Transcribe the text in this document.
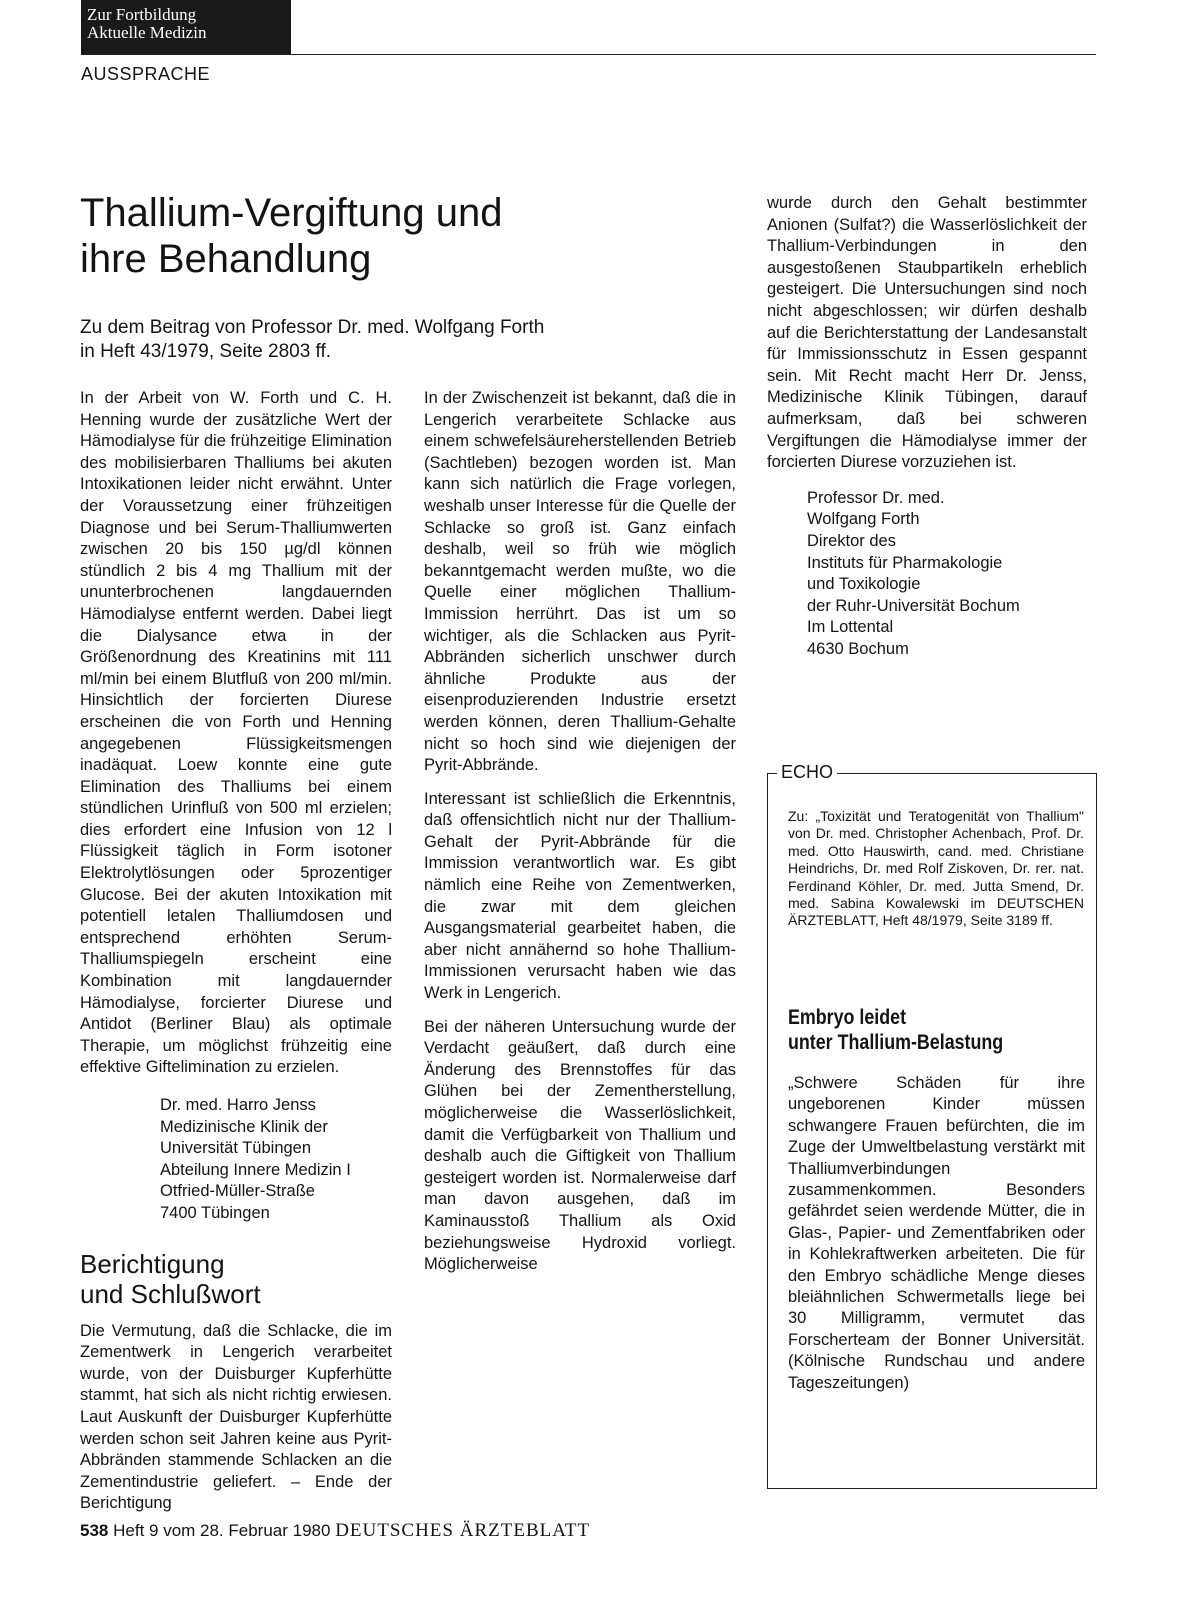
Zur Fortbildung
Aktuelle Medizin
AUSSPRACHE
Thallium-Vergiftung und
ihre Behandlung
Zu dem Beitrag von Professor Dr. med. Wolfgang Forth
in Heft 43/1979, Seite 2803 ff.

In der Arbeit von W. Forth und C. H. Henning wurde der zusätzliche Wert der Hämodialyse für die frühzeitige Elimination des mobilisierbaren Thalliums bei akuten Intoxikationen leider nicht erwähnt. Unter der Voraussetzung einer frühzeitigen Diagnose und bei Serum-Thalliumwerten zwischen 20 bis 150 µg/dl können stündlich 2 bis 4 mg Thallium mit der ununterbrochenen langdauernden Hämodialyse entfernt werden. Dabei liegt die Dialysance etwa in der Größenordnung des Kreatinins mit 111 ml/min bei einem Blutfluß von 200 ml/min. Hinsichtlich der forcierten Diurese erscheinen die von Forth und Henning angegebenen Flüssigkeitsmengen inadäquat. Loew konnte eine gute Elimination des Thalliums bei einem stündlichen Urinfluß von 500 ml erzielen; dies erfordert eine Infusion von 12 l Flüssigkeit täglich in Form isotoner Elektrolytlösungen oder 5prozentiger Glucose. Bei der akuten Intoxikation mit potentiell letalen Thalliumdosen und entsprechend erhöhten Serum-Thalliumspiegeln erscheint eine Kombination mit langdauernder Hämodialyse, forcierter Diurese und Antidot (Berliner Blau) als optimale Therapie, um möglichst frühzeitig eine effektive Giftelimination zu erzielen.

Dr. med. Harro Jenss
Medizinische Klinik der
Universität Tübingen
Abteilung Innere Medizin I
Otfried-Müller-Straße
7400 Tübingen
Berichtigung
und Schlußwort

Die Vermutung, daß die Schlacke, die im Zementwerk in Lengerich verarbeitet wurde, von der Duisburger Kupferhütte stammt, hat sich als nicht richtig erwiesen. Laut Auskunft der Duisburger Kupferhütte werden schon seit Jahren keine aus Pyrit-Abbränden stammende Schlacken an die Zementindustrie geliefert. – Ende der Berichtigung

In der Zwischenzeit ist bekannt, daß die in Lengerich verarbeitete Schlacke aus einem schwefelsäureherstellenden Betrieb (Sachtleben) bezogen worden ist. Man kann sich natürlich die Frage vorlegen, weshalb unser Interesse für die Quelle der Schlacke so groß ist. Ganz einfach deshalb, weil so früh wie möglich bekanntgemacht werden mußte, wo die Quelle einer möglichen Thallium-Immission herrührt. Das ist um so wichtiger, als die Schlacken aus Pyrit-Abbränden sicherlich unschwer durch ähnliche Produkte aus der eisenproduzierenden Industrie ersetzt werden können, deren Thallium-Gehalte nicht so hoch sind wie diejenigen der Pyrit-Abbrände.

Interessant ist schließlich die Erkenntnis, daß offensichtlich nicht nur der Thallium-Gehalt der Pyrit-Abbrände für die Immission verantwortlich war. Es gibt nämlich eine Reihe von Zementwerken, die zwar mit dem gleichen Ausgangsmaterial gearbeitet haben, die aber nicht annähernd so hohe Thallium-Immissionen verursacht haben wie das Werk in Lengerich.

Bei der näheren Untersuchung wurde der Verdacht geäußert, daß durch eine Änderung des Brennstoffes für das Glühen bei der Zementherstellung, möglicherweise die Wasserlöslichkeit, damit die Verfügbarkeit von Thallium und deshalb auch die Giftigkeit von Thallium gesteigert worden ist. Normalerweise darf man davon ausgehen, daß im Kaminausstoß Thallium als Oxid beziehungsweise Hydroxid vorliegt. Möglicherweise

wurde durch den Gehalt bestimmter Anionen (Sulfat?) die Wasserlöslichkeit der Thallium-Verbindungen in den ausgestoßenen Staubpartikeln erheblich gesteigert. Die Untersuchungen sind noch nicht abgeschlossen; wir dürfen deshalb auf die Berichterstattung der Landesanstalt für Immissionsschutz in Essen gespannt sein. Mit Recht macht Herr Dr. Jenss, Medizinische Klinik Tübingen, darauf aufmerksam, daß bei schweren Vergiftungen die Hämodialyse immer der forcierten Diurese vorzuziehen ist.

Professor Dr. med.
Wolfgang Forth
Direktor des
Instituts für Pharmakologie
und Toxikologie
der Ruhr-Universität Bochum
Im Lottental
4630 Bochum
ECHO
Zu: „Toxizität und Teratogenität von Thallium" von Dr. med. Christopher Achenbach, Prof. Dr. med. Otto Hauswirth, cand. med. Christiane Heindrichs, Dr. med Rolf Ziskoven, Dr. rer. nat. Ferdinand Köhler, Dr. med. Jutta Smend, Dr. med. Sabina Kowalewski im DEUTSCHEN ÄRZTEBLATT, Heft 48/1979, Seite 3189 ff.
Embryo leidet
unter Thallium-Belastung
„Schwere Schäden für ihre ungeborenen Kinder müssen schwangere Frauen befürchten, die im Zuge der Umweltbelastung verstärkt mit Thalliumverbindungen zusammenkommen. Besonders gefährdet seien werdende Mütter, die in Glas-, Papier- und Zementfabriken oder in Kohlekraftwerken arbeiteten. Die für den Embryo schädliche Menge dieses bleiähnlichen Schwermetalls liege bei 30 Milligramm, vermutet das Forscherteam der Bonner Universität. (Kölnische Rundschau und andere Tageszeitungen)
538 Heft 9 vom 28. Februar 1980 DEUTSCHES ÄRZTEBLATT
